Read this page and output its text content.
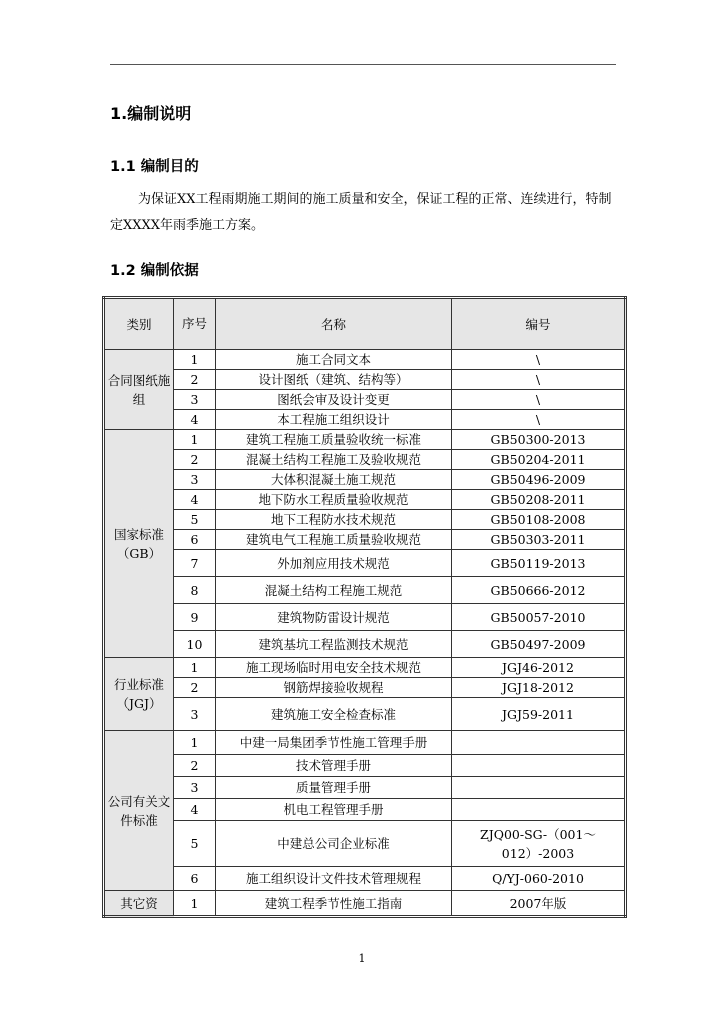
1.编制说明
1.1 编制目的
为保证XX工程雨期施工期间的施工质量和安全，保证工程的正常、连续进行，特制定XXXX年雨季施工方案。
1.2 编制依据
类别	序号	名称	编号
合同图纸施组	1	施工合同文本	\
	2	设计图纸（建筑、结构等）	\
	3	图纸会审及设计变更	\
	4	本工程施工组织设计	\
国家标准（GB）	1	建筑工程施工质量验收统一标准	GB50300-2013
	2	混凝土结构工程施工及验收规范	GB50204-2011
	3	大体积混凝土施工规范	GB50496-2009
	4	地下防水工程质量验收规范	GB50208-2011
	5	地下工程防水技术规范	GB50108-2008
	6	建筑电气工程施工质量验收规范	GB50303-2011
	7	外加剂应用技术规范	GB50119-2013
	8	混凝土结构工程施工规范	GB50666-2012
	9	建筑物防雷设计规范	GB50057-2010
	10	建筑基坑工程监测技术规范	GB50497-2009
行业标准（JGJ）	1	施工现场临时用电安全技术规范	JGJ46-2012
	2	钢筋焊接验收规程	JGJ18-2012
	3	建筑施工安全检查标准	JGJ59-2011
公司有关文件标准	1	中建一局集团季节性施工管理手册	
	2	技术管理手册	
	3	质量管理手册	
	4	机电工程管理手册	
	5	中建总公司企业标准	ZJQ00-SG-（001～012）-2003
	6	施工组织设计文件技术管理规程	Q/YJ-060-2010
其它资	1	建筑工程季节性施工指南	2007年版
1
